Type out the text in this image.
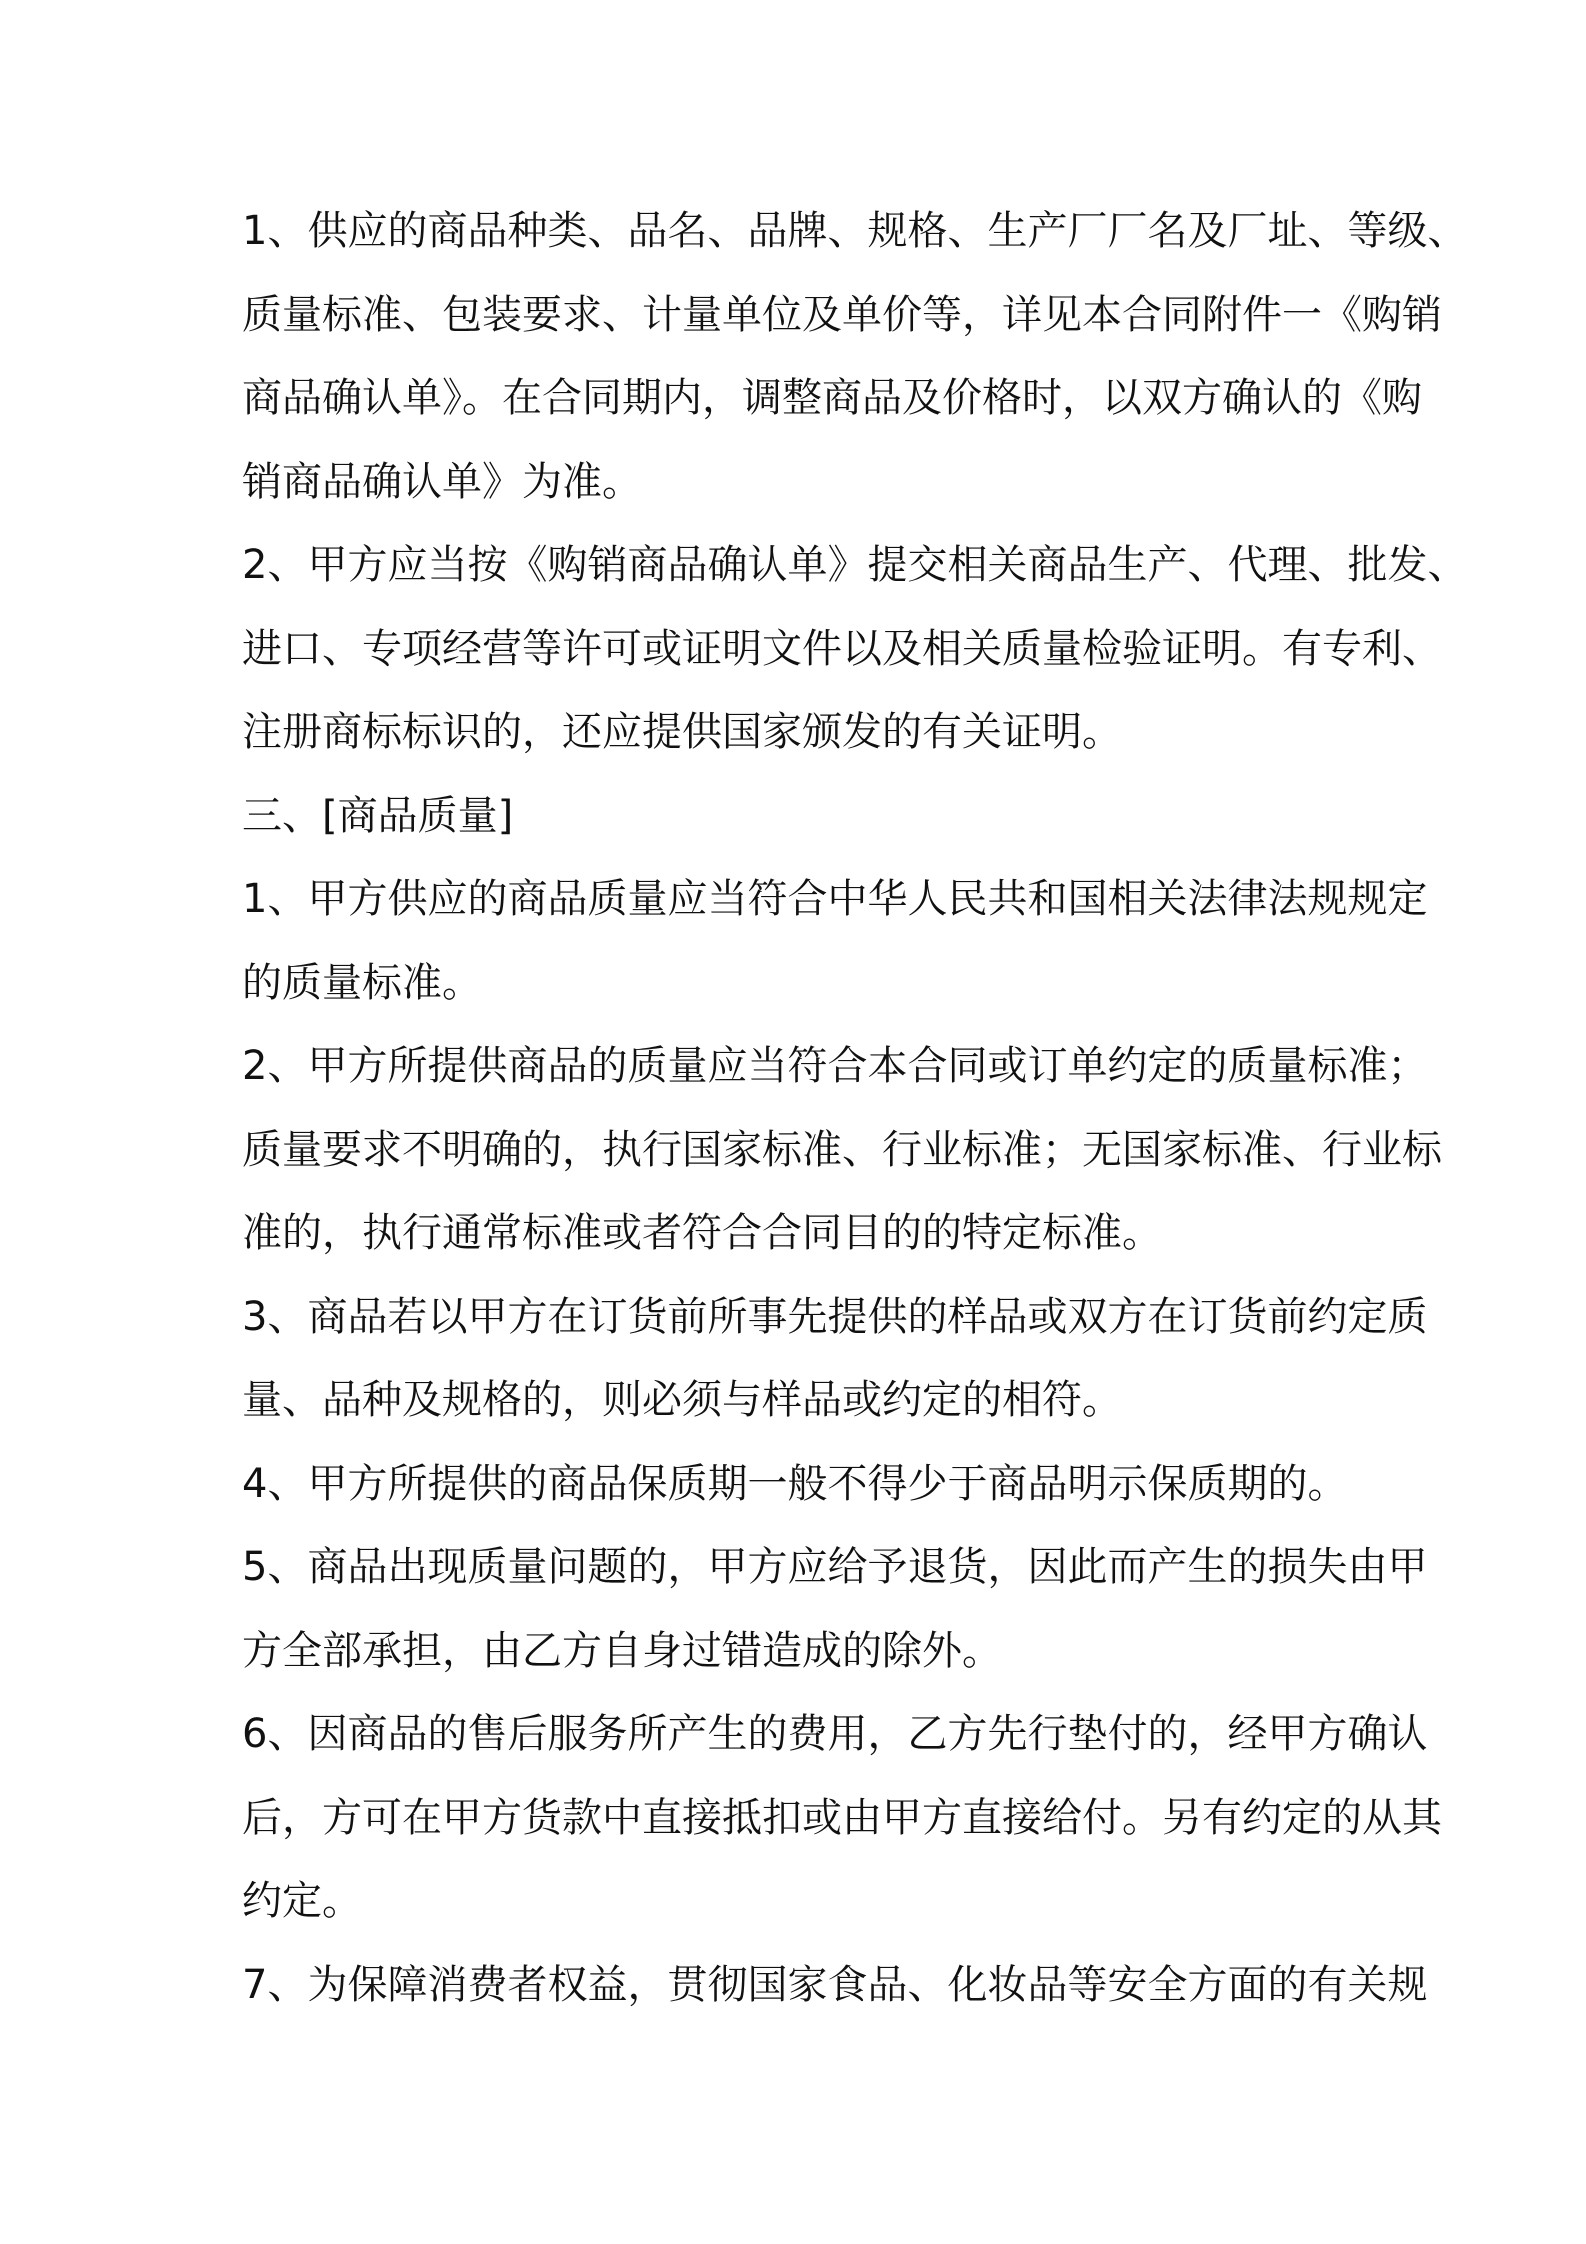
1、供应的商品种类、品名、品牌、规格、生产厂厂名及厂址、等级、
质量标准、包装要求、计量单位及单价等，详见本合同附件一《购销
商品确认单》。在合同期内，调整商品及价格时，以双方确认的《购
销商品确认单》为准。
2、甲方应当按《购销商品确认单》提交相关商品生产、代理、批发、
进口、专项经营等许可或证明文件以及相关质量检验证明。有专利、
注册商标标识的，还应提供国家颁发的有关证明。
三、[商品质量]
1、甲方供应的商品质量应当符合中华人民共和国相关法律法规规定
的质量标准。
2、甲方所提供商品的质量应当符合本合同或订单约定的质量标准；
质量要求不明确的，执行国家标准、行业标准；无国家标准、行业标
准的，执行通常标准或者符合合同目的的特定标准。
3、商品若以甲方在订货前所事先提供的样品或双方在订货前约定质
量、品种及规格的，则必须与样品或约定的相符。
4、甲方所提供的商品保质期一般不得少于商品明示保质期的。
5、商品出现质量问题的，甲方应给予退货，因此而产生的损失由甲
方全部承担，由乙方自身过错造成的除外。
6、因商品的售后服务所产生的费用，乙方先行垫付的，经甲方确认
后，方可在甲方货款中直接抵扣或由甲方直接给付。另有约定的从其
约定。
7、为保障消费者权益，贯彻国家食品、化妆品等安全方面的有关规
